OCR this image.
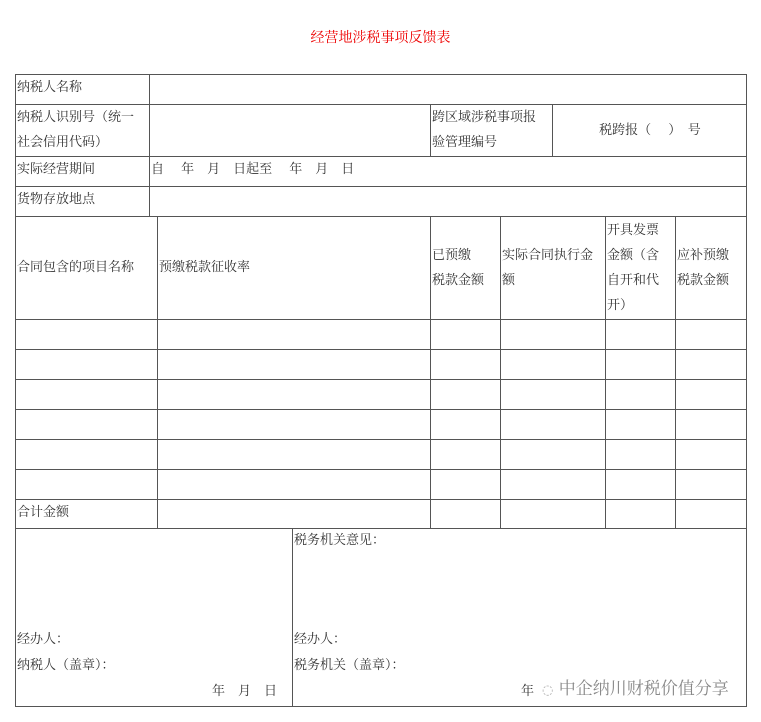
经营地涉税事项反馈表
纳税人名称
纳税人识别号（统一
社会信用代码）
跨区域涉税事项报
验管理编号
税跨报（　 ）　号
实际经营期间	自　 年　月　日起至　 年　月　日
货物存放地点
合同包含的项目名称	预缴税款征收率
已预缴
税款金额
实际合同执行金
额
开具发票
金额（含
自开和代
开）
应补预缴
税款金额
合计金额
经办人：
纳税人（盖章）：
年　月　日
税务机关意见：
经办人：
税务机关（盖章）：
年 ◌ 中企纳川财税价值分享
